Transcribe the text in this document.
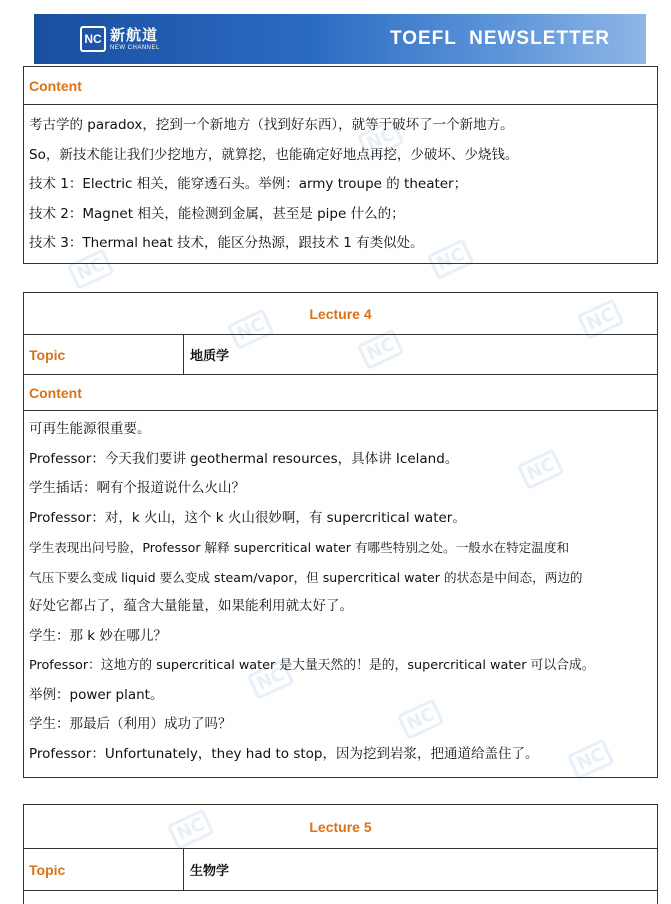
NC
NC
NC
NC
NC
NC
NC
NC
NC
NC
NC
NC 新航道
NEW CHANNEL	TOEFL  NEWSLETTER
Content

考古学的 paradox，挖到一个新地方（找到好东西），就等于破坏了一个新地方。

So，新技术能让我们少挖地方，就算挖，也能确定好地点再挖，少破坏、少烧钱。

技术 1：Electric 相关，能穿透石头。举例：army troupe 的 theater；

技术 2：Magnet 相关，能检测到金属，甚至是 pipe 什么的；

技术 3：Thermal heat 技术，能区分热源，跟技术 1 有类似处。

Lecture 4
Topic	地质学
Content

可再生能源很重要。

Professor：今天我们要讲 geothermal resources，具体讲 Iceland。

学生插话：啊有个报道说什么火山？

Professor：对，k 火山，这个 k 火山很妙啊，有 supercritical water。

学生表现出问号脸，Professor 解释 supercritical water 有哪些特别之处。一般水在特定温度和

气压下要么变成 liquid 要么变成 steam/vapor，但 supercritical water 的状态是中间态，两边的

好处它都占了，蕴含大量能量，如果能利用就太好了。

学生：那 k 妙在哪儿？

Professor：这地方的 supercritical water 是大量天然的！是的，supercritical water 可以合成。

举例：power plant。

学生：那最后（利用）成功了吗？

Professor：Unfortunately，they had to stop，因为挖到岩浆，把通道给盖住了。

Lecture 5
Topic	生物学
